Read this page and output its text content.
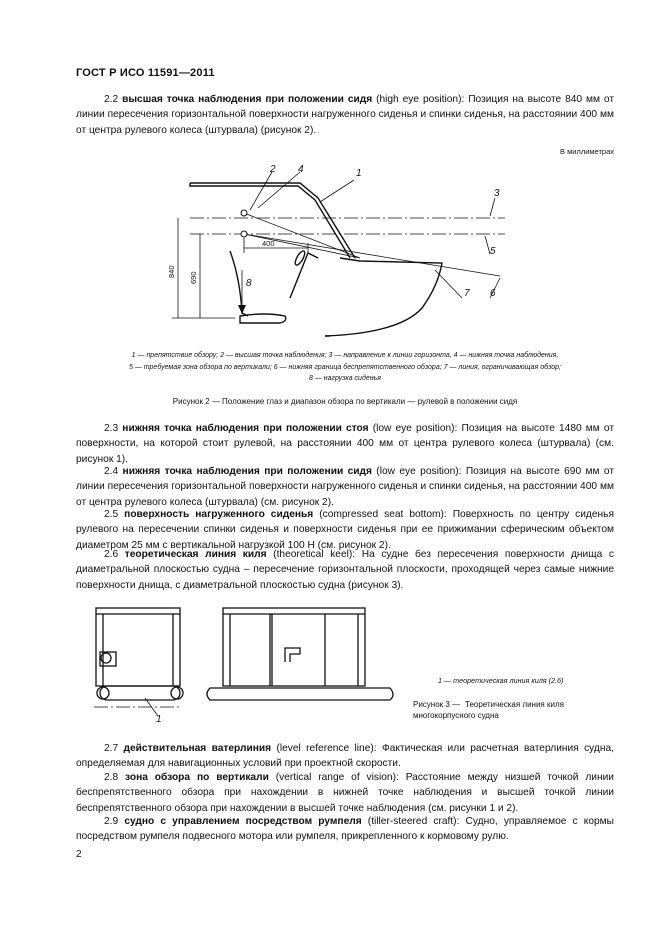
ГОСТ Р ИСО 11591—2011
2.2 высшая точка наблюдения при положении сидя (high eye position): Позиция на высоте 840 мм от линии пересечения горизонтальной поверхности нагруженного сиденья и спинки сиденья, на расстоянии 400 мм от центра рулевого колеса (штурвала) (рисунок 2).
В миллиметрах
1
2 4
3
5
6
7
8
400
840 690
1 — препятствие обзору; 2 — высшая точка наблюдения; 3 — направление к линии горизонта, 4 — нижняя точка наблюдения,
5 — требуемая зона обзора по вертикали; 6 — нижняя граница беспрепятственного обзора; 7 — линия, ограничивающая обзор;
8 — нагрузка сиденья
Рисунок 2 — Положение глаз и диапазон обзора по вертикали — рулевой в положении сидя
2.3 нижняя точка наблюдения при положении стоя (low eye position): Позиция на высоте 1480 мм от поверхности, на которой стоит рулевой, на расстоянии 400 мм от центра рулевого колеса (штурвала) (см. рисунок 1).
2.4 нижняя точка наблюдения при положении сидя (low eye position): Позиция на высоте 690 мм от линии пересечения горизонтальной поверхности нагруженного сиденья и спинки сиденья, на расстоянии 400 мм от центра рулевого колеса (штурвала) (см. рисунок 2).
2.5 поверхность нагруженного сиденья (compressed seat bottom): Поверхность по центру сиденья рулевого на пересечении спинки сиденья и поверхности сиденья при ее прижимании сферическим объектом диаметром 25 мм с вертикальной нагрузкой 100 Н (см. рисунок 2).
2.6 теоретическая линия киля (theoretical keel): На судне без пересечения поверхности днища с диаметральной плоскостью судна – пересечение горизонтальной плоскости, проходящей через самые нижние поверхности днища, с диаметральной плоскостью судна (рисунок 3).
1
1 — теоретическая линия киля (2.6)
Рисунок 3 — Теоретическая линия киля многокорпусного судна
2.7 действительная ватерлиния (level reference line): Фактическая или расчетная ватерлиния судна, определяемая для навигационных условий при проектной скорости.
2.8 зона обзора по вертикали (vertical range of vision): Расстояние между низшей точкой линии беспрепятственного обзора при нахождении в нижней точке наблюдения и высшей точкой линии беспрепятственного обзора при нахождении в высшей точке наблюдения (см. рисунки 1 и 2).
2.9 судно с управлением посредством румпеля (tiller-steered craft): Судно, управляемое с кормы посредством румпеля подвесного мотора или румпеля, прикрепленного к кормовому рулю.
2
